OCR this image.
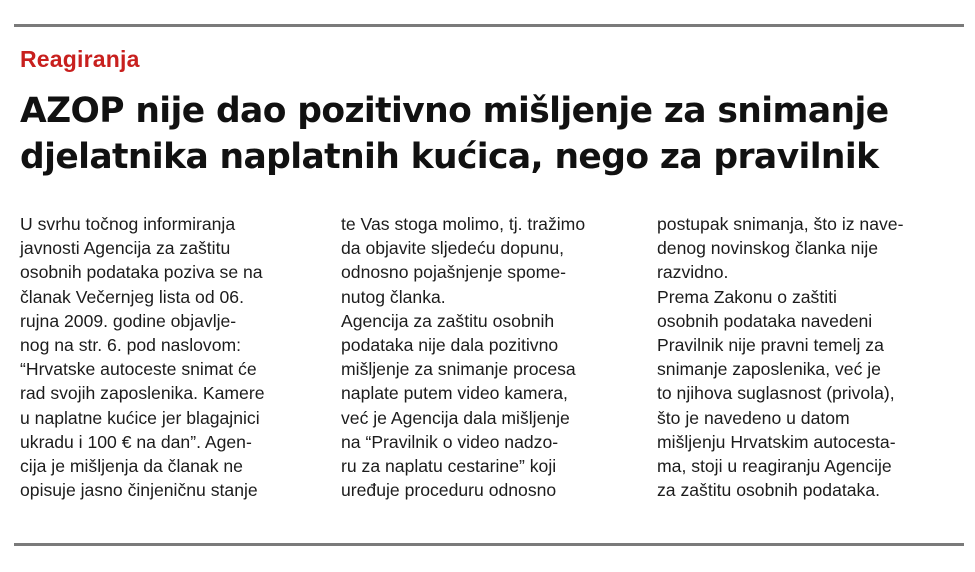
Reagiranja
AZOP nije dao pozitivno mišljenje za snimanje
djelatnika naplatnih kućica, nego za pravilnik
U svrhu točnog informiranja
javnosti Agencija za zaštitu
osobnih podataka poziva se na
članak Večernjeg lista od 06.
rujna 2009. godine objavlje-
nog na str. 6. pod naslovom:
“Hrvatske autoceste snimat će
rad svojih zaposlenika. Kamere
u naplatne kućice jer blagajnici
ukradu i 100 € na dan”. Agen-
cija je mišljenja da članak ne
opisuje jasno činjeničnu stanje
te Vas stoga molimo, tj. tražimo
da objavite sljedeću dopunu,
odnosno pojašnjenje spome-
nutog članka.
Agencija za zaštitu osobnih
podataka nije dala pozitivno
mišljenje za snimanje procesa
naplate putem video kamera,
već je Agencija dala mišljenje
na “Pravilnik o video nadzo-
ru za naplatu cestarine” koji
uređuje proceduru odnosno
postupak snimanja, što iz nave-
denog novinskog članka nije
razvidno.
Prema Zakonu o zaštiti
osobnih podataka navedeni
Pravilnik nije pravni temelj za
snimanje zaposlenika, već je
to njihova suglasnost (privola),
što je navedeno u datom
mišljenju Hrvatskim autocesta-
ma, stoji u reagiranju Agencije
za zaštitu osobnih podataka.
